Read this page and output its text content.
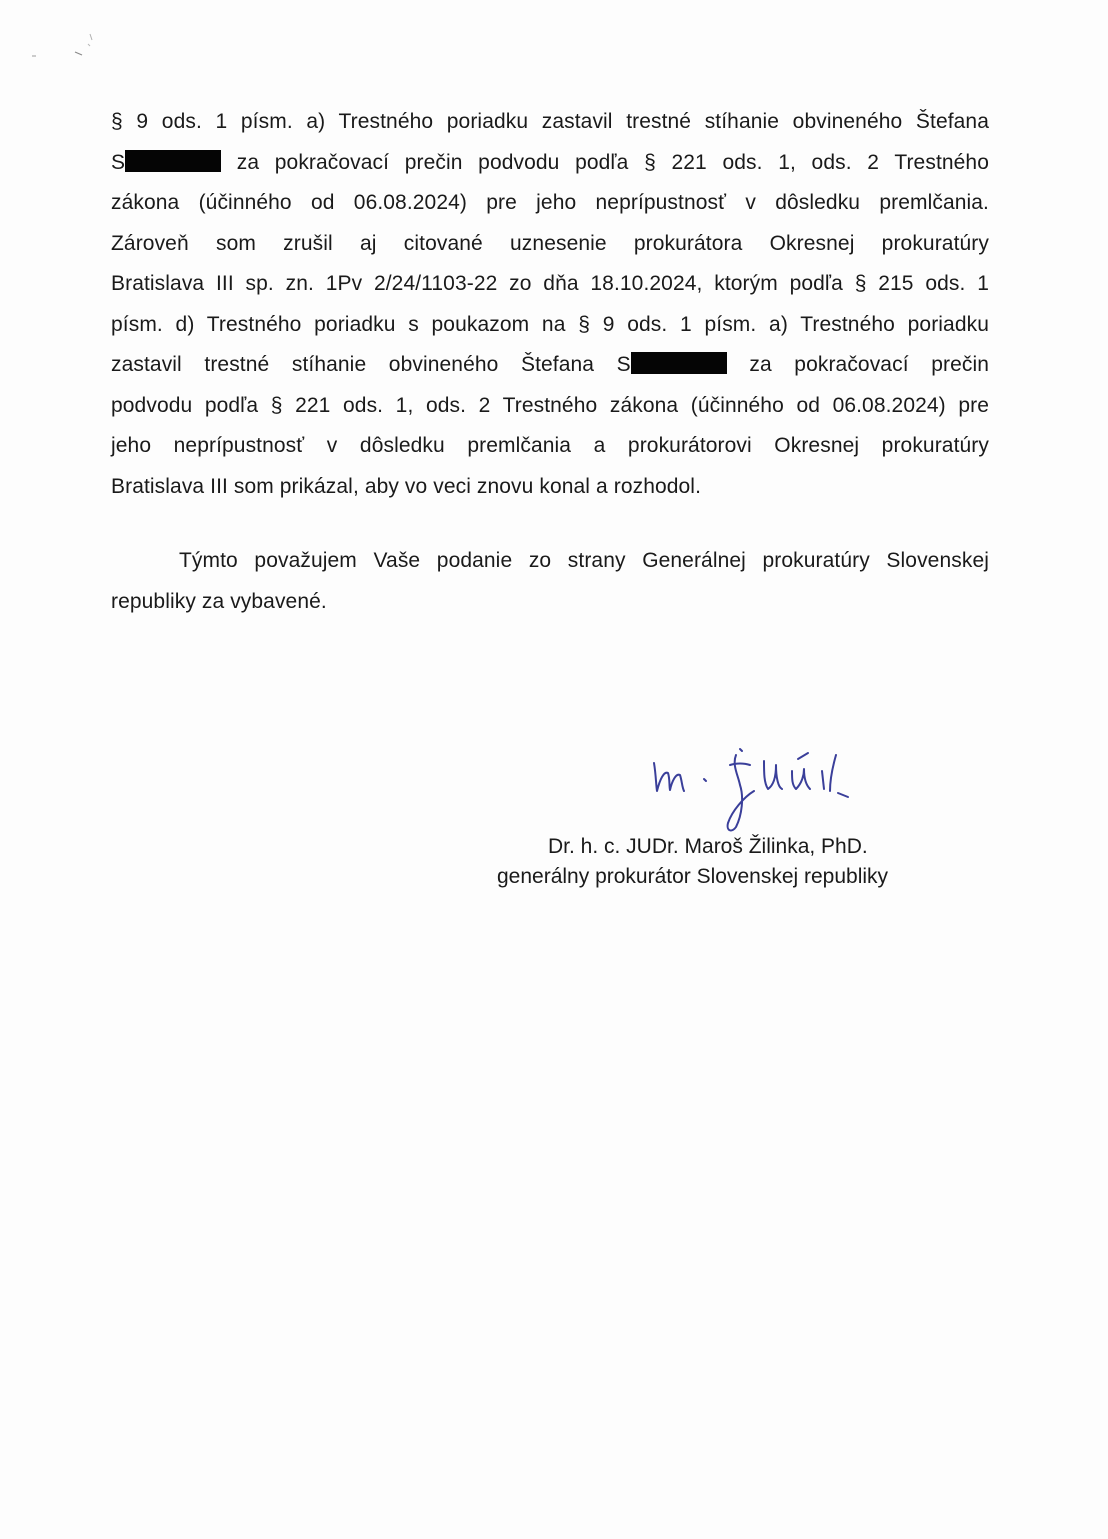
§ 9 ods. 1 písm. a) Trestného poriadku zastavil trestné stíhanie obvineného Štefana
S	za pokračovací prečin podvodu podľa § 221 ods. 1, ods. 2 Trestného
zákona (účinného od 06.08.2024) pre jeho neprípustnosť v dôsledku premlčania.
Zároveň som zrušil aj citované uznesenie prokurátora Okresnej prokuratúry
Bratislava III sp. zn. 1Pv 2/24/1103-22 zo dňa 18.10.2024, ktorým podľa § 215 ods. 1
písm. d) Trestného poriadku s poukazom na § 9 ods. 1 písm. a) Trestného poriadku
zastavil trestné stíhanie obvineného Štefana S	za pokračovací prečin
podvodu podľa § 221 ods. 1, ods. 2 Trestného zákona (účinného od 06.08.2024) pre
jeho neprípustnosť v dôsledku premlčania a prokurátorovi Okresnej prokuratúry
Bratislava III som prikázal, aby vo veci znovu konal a rozhodol.
Týmto považujem Vaše podanie zo strany Generálnej prokuratúry Slovenskej
republiky za vybavené.
Dr. h. c. JUDr. Maroš Žilinka, PhD.
generálny prokurátor Slovenskej republiky
